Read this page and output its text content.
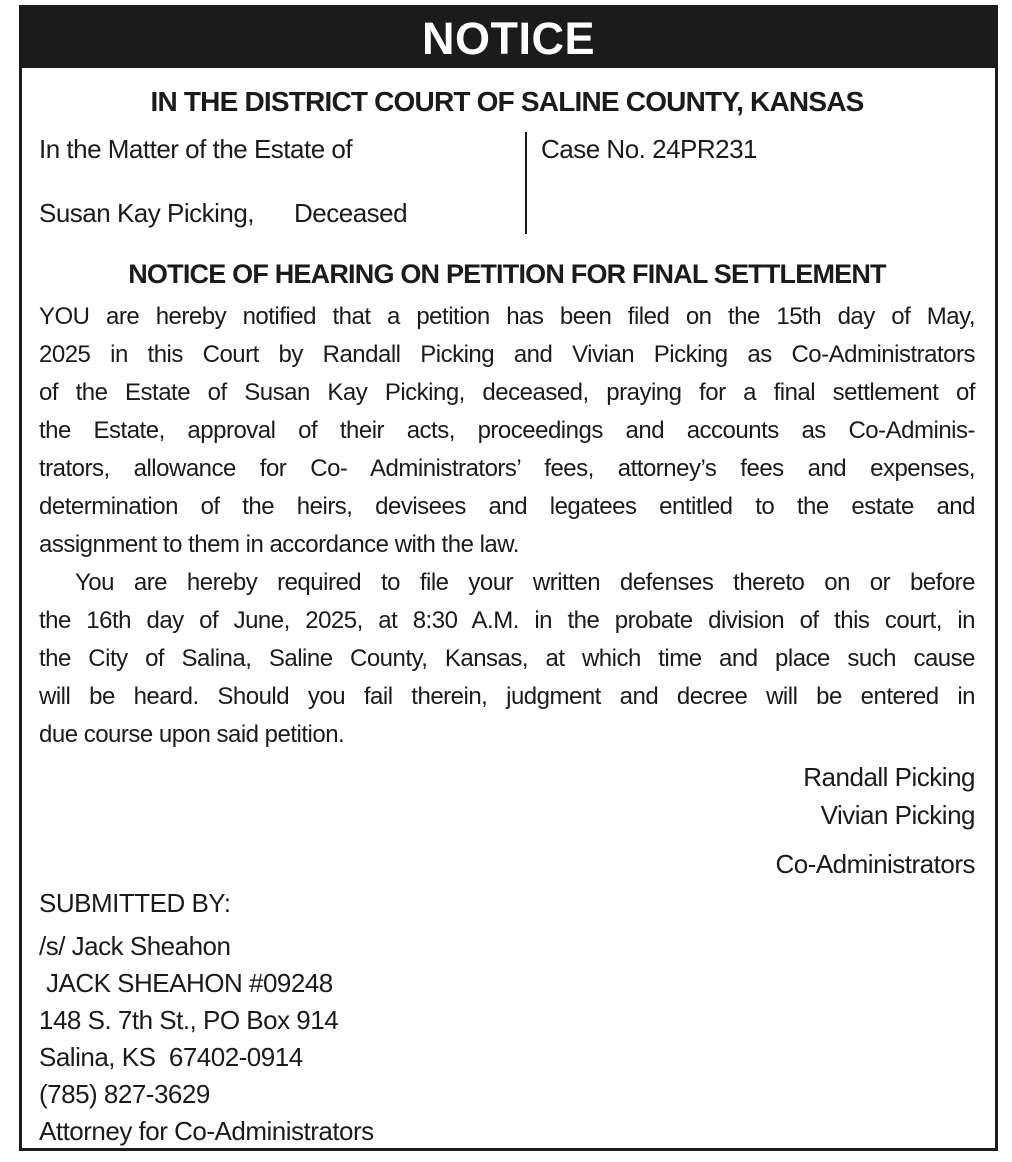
NOTICE
IN THE DISTRICT COURT OF SALINE COUNTY, KANSAS
In the Matter of the Estate of
Susan Kay Picking, Deceased
Case No. 24PR231
NOTICE OF HEARING ON PETITION FOR FINAL SETTLEMENT
YOU are hereby notified that a petition has been filed on the 15th day of May,
2025 in this Court by Randall Picking and Vivian Picking as Co-Administrators
of the Estate of Susan Kay Picking, deceased, praying for a final settlement of
the Estate, approval of their acts, proceedings and accounts as Co-Adminis-
trators, allowance for Co- Administrators’ fees, attorney’s fees and expenses,
determination of the heirs, devisees and legatees entitled to the estate and
assignment to them in accordance with the law.
You are hereby required to file your written defenses thereto on or before
the 16th day of June, 2025, at 8:30 A.M. in the probate division of this court, in
the City of Salina, Saline County, Kansas, at which time and place such cause
will be heard. Should you fail therein, judgment and decree will be entered in
due course upon said petition.
Randall Picking
Vivian Picking
Co-Administrators
SUBMITTED BY:
/s/ Jack Sheahon
JACK SHEAHON #09248
148 S. 7th St., PO Box 914
Salina, KS  67402-0914
(785) 827-3629
Attorney for Co-Administrators
